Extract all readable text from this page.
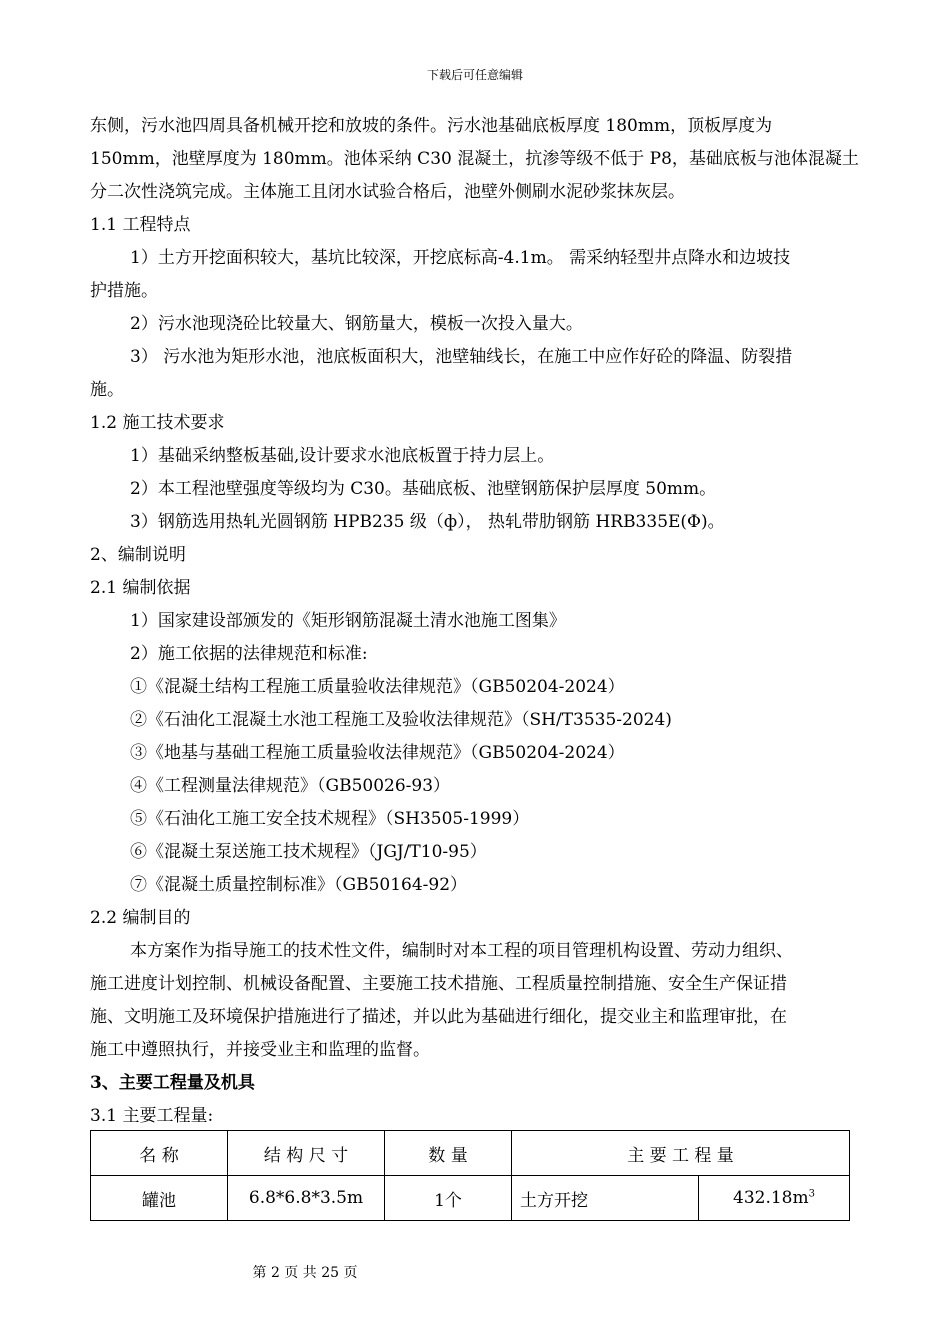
下载后可任意编辑
东侧，污水池四周具备机械开挖和放坡的条件。污水池基础底板厚度 180mm，顶板厚度为
150mm，池壁厚度为 180mm。池体采纳 C30 混凝土，抗渗等级不低于 P8，基础底板与池体混凝土
分二次性浇筑完成。主体施工且闭水试验合格后，池壁外侧刷水泥砂浆抹灰层。
1.1 工程特点
1）土方开挖面积较大，基坑比较深，开挖底标高-4.1m。 需采纳轻型井点降水和边坡技
护措施。
2）污水池现浇砼比较量大、钢筋量大，模板一次投入量大。
3） 污水池为矩形水池，池底板面积大，池壁轴线长，在施工中应作好砼的降温、防裂措
施。
1.2 施工技术要求
1）基础采纳整板基础,设计要求水池底板置于持力层上。
2）本工程池壁强度等级均为 C30。基础底板、池壁钢筋保护层厚度 50mm。
3）钢筋选用热轧光圆钢筋 HPB235 级（ф）， 热轧带肋钢筋 HRB335E(Φ)。
2、编制说明
2.1 编制依据
1）国家建设部颁发的《矩形钢筋混凝土清水池施工图集》
2）施工依据的法律规范和标准:
①《混凝土结构工程施工质量验收法律规范》（GB50204-2024）
②《石油化工混凝土水池工程施工及验收法律规范》（SH/T3535-2024)
③《地基与基础工程施工质量验收法律规范》（GB50204-2024）
④《工程测量法律规范》（GB50026-93）
⑤《石油化工施工安全技术规程》（SH3505-1999）
⑥《混凝土泵送施工技术规程》（JGJ/T10-95）
⑦《混凝土质量控制标准》（GB50164-92）
2.2 编制目的
本方案作为指导施工的技术性文件，编制时对本工程的项目管理机构设置、劳动力组织、
施工进度计划控制、机械设备配置、主要施工技术措施、工程质量控制措施、安全生产保证措
施、文明施工及环境保护措施进行了描述，并以此为基础进行细化，提交业主和监理审批，在
施工中遵照执行，并接受业主和监理的监督。
3、主要工程量及机具
3.1 主要工程量:
名 称	结 构 尺 寸	数 量	主 要 工 程 量	
罐池	6.8*6.8*3.5m	1个	土方开挖	$432.18m^3$
第 2 页 共 25 页
